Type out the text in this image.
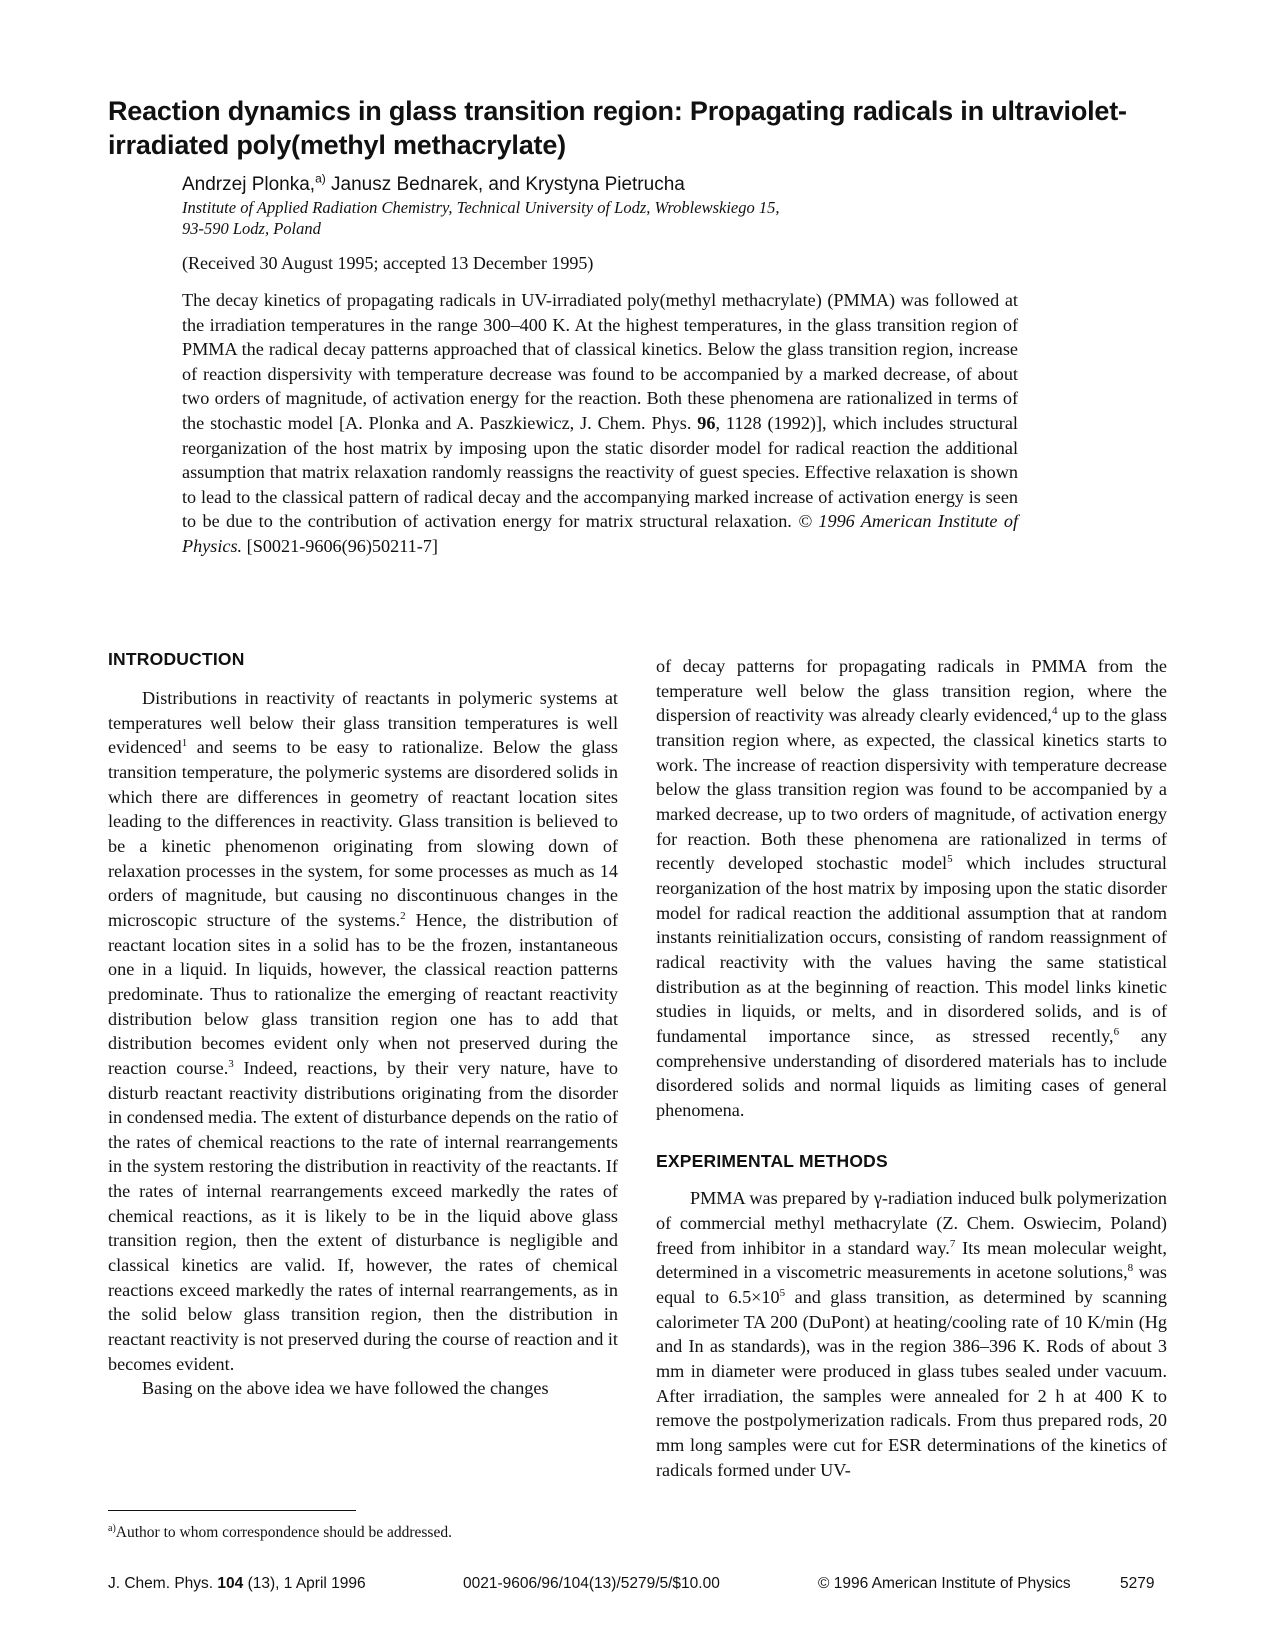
Reaction dynamics in glass transition region: Propagating radicals in ultraviolet-irradiated poly(methyl methacrylate)

Andrzej Plonka,$^{a)}$ Janusz Bednarek, and Krystyna Pietrucha

Institute of Applied Radiation Chemistry, Technical University of Lodz, Wroblewskiego 15,
93-590 Lodz, Poland

(Received 30 August 1995; accepted 13 December 1995)

The decay kinetics of propagating radicals in UV-irradiated poly(methyl methacrylate) (PMMA) was followed at the irradiation temperatures in the range 300–400 K. At the highest temperatures, in the glass transition region of PMMA the radical decay patterns approached that of classical kinetics. Below the glass transition region, increase of reaction dispersivity with temperature decrease was found to be accompanied by a marked decrease, of about two orders of magnitude, of activation energy for the reaction. Both these phenomena are rationalized in terms of the stochastic model [A. Plonka and A. Paszkiewicz, J. Chem. Phys. 96, 1128 (1992)], which includes structural reorganization of the host matrix by imposing upon the static disorder model for radical reaction the additional assumption that matrix relaxation randomly reassigns the reactivity of guest species. Effective relaxation is shown to lead to the classical pattern of radical decay and the accompanying marked increase of activation energy is seen to be due to the contribution of activation energy for matrix structural relaxation. © 1996 American Institute of Physics. [S0021-9606(96)50211-7]

INTRODUCTION

Distributions in reactivity of reactants in polymeric systems at temperatures well below their glass transition temperatures is well evidenced$^1$ and seems to be easy to rationalize. Below the glass transition temperature, the polymeric systems are disordered solids in which there are differences in geometry of reactant location sites leading to the differences in reactivity. Glass transition is believed to be a kinetic phenomenon originating from slowing down of relaxation processes in the system, for some processes as much as 14 orders of magnitude, but causing no discontinuous changes in the microscopic structure of the systems.$^2$ Hence, the distribution of reactant location sites in a solid has to be the frozen, instantaneous one in a liquid. In liquids, however, the classical reaction patterns predominate. Thus to rationalize the emerging of reactant reactivity distribution below glass transition region one has to add that distribution becomes evident only when not preserved during the reaction course.$^3$ Indeed, reactions, by their very nature, have to disturb reactant reactivity distributions originating from the disorder in condensed media. The extent of disturbance depends on the ratio of the rates of chemical reactions to the rate of internal rearrangements in the system restoring the distribution in reactivity of the reactants. If the rates of internal rearrangements exceed markedly the rates of chemical reactions, as it is likely to be in the liquid above glass transition region, then the extent of disturbance is negligible and classical kinetics are valid. If, however, the rates of chemical reactions exceed markedly the rates of internal rearrangements, as in the solid below glass transition region, then the distribution in reactant reactivity is not preserved during the course of reaction and it becomes evident.

Basing on the above idea we have followed the changes

of decay patterns for propagating radicals in PMMA from the temperature well below the glass transition region, where the dispersion of reactivity was already clearly evidenced,$^4$ up to the glass transition region where, as expected, the classical kinetics starts to work. The increase of reaction dispersivity with temperature decrease below the glass transition region was found to be accompanied by a marked decrease, up to two orders of magnitude, of activation energy for reaction. Both these phenomena are rationalized in terms of recently developed stochastic model$^5$ which includes structural reorganization of the host matrix by imposing upon the static disorder model for radical reaction the additional assumption that at random instants reinitialization occurs, consisting of random reassignment of radical reactivity with the values having the same statistical distribution as at the beginning of reaction. This model links kinetic studies in liquids, or melts, and in disordered solids, and is of fundamental importance since, as stressed recently,$^6$ any comprehensive understanding of disordered materials has to include disordered solids and normal liquids as limiting cases of general phenomena.

EXPERIMENTAL METHODS

PMMA was prepared by γ-radiation induced bulk polymerization of commercial methyl methacrylate (Z. Chem. Oswiecim, Poland) freed from inhibitor in a standard way.$^7$ Its mean molecular weight, determined in a viscometric measurements in acetone solutions,$^8$ was equal to $6.5\times 10^5$ and glass transition, as determined by scanning calorimeter TA 200 (DuPont) at heating/cooling rate of 10 K/min (Hg and In as standards), was in the region 386–396 K. Rods of about 3 mm in diameter were produced in glass tubes sealed under vacuum. After irradiation, the samples were annealed for 2 h at 400 K to remove the postpolymerization radicals. From thus prepared rods, 20 mm long samples were cut for ESR determinations of the kinetics of radicals formed under UV-

$^{a)}$Author to whom correspondence should be addressed.

J. Chem. Phys. 104 (13), 1 April 1996	0021-9606/96/104(13)/5279/5/$10.00	© 1996 American Institute of Physics	5279
